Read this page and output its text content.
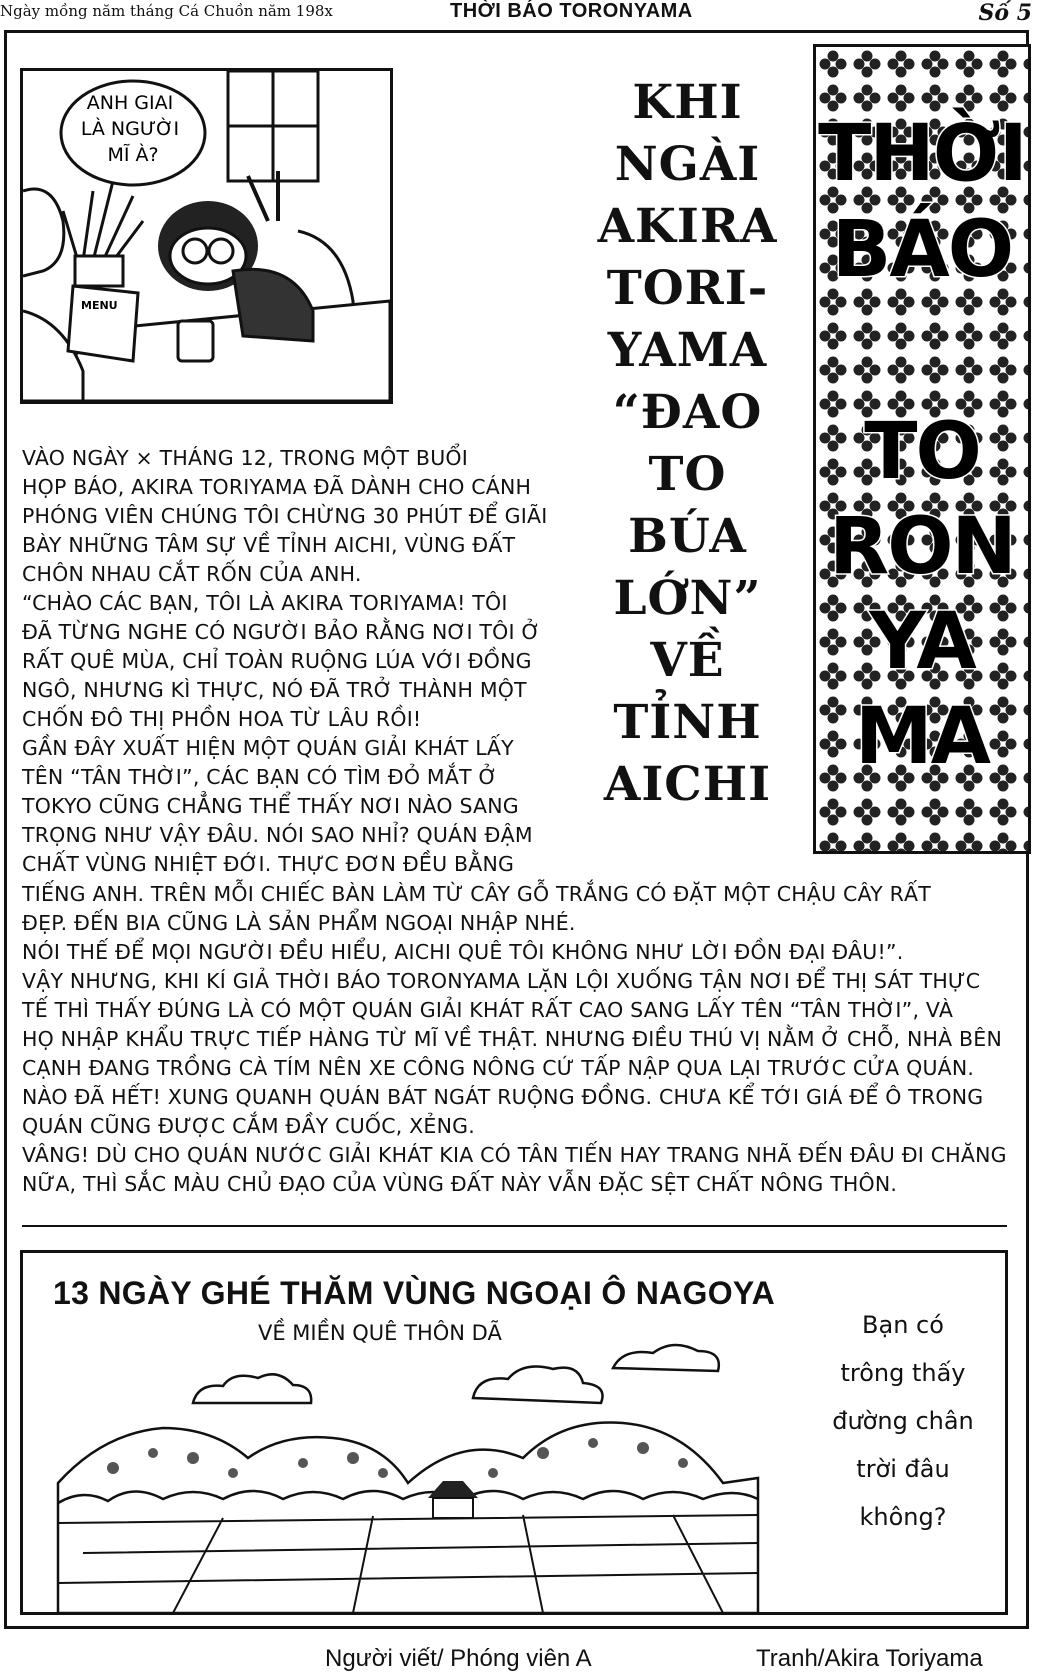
Ngày mồng năm tháng Cá Chuồn năm 198x	THỜI BÁO TORONYAMA	Số 5
MENU
ANH GIAI LÀ NGƯỜI MĨ À?
KHI
NGÀI
AKIRA
TORI-
YAMA
“ĐAO
TO
BÚA
LỚN”
VỀ
TỈNH
AICHI
THỜI
BÁO
TO
RON
YA
MA

VÀO NGÀY × THÁNG 12, TRONG MỘT BUỔI

HỌP BÁO, AKIRA TORIYAMA ĐÃ DÀNH CHO CÁNH

PHÓNG VIÊN CHÚNG TÔI CHỪNG 30 PHÚT ĐỂ GIÃI

BÀY NHỮNG TÂM SỰ VỀ TỈNH AICHI, VÙNG ĐẤT

CHÔN NHAU CẮT RỐN CỦA ANH.

“CHÀO CÁC BẠN, TÔI LÀ AKIRA TORIYAMA! TÔI

ĐÃ TỪNG NGHE CÓ NGƯỜI BẢO RẰNG NƠI TÔI Ở

RẤT QUÊ MÙA, CHỈ TOÀN RUỘNG LÚA VỚI ĐỒNG

NGÔ, NHƯNG KÌ THỰC, NÓ ĐÃ TRỞ THÀNH MỘT

CHỐN ĐÔ THỊ PHỒN HOA TỪ LÂU RỒI!

GẦN ĐÂY XUẤT HIỆN MỘT QUÁN GIẢI KHÁT LẤY

TÊN “TÂN THỜI”, CÁC BẠN CÓ TÌM ĐỎ MẮT Ở

TOKYO CŨNG CHẲNG THỂ THẤY NƠI NÀO SANG

TRỌNG NHƯ VẬY ĐÂU. NÓI SAO NHỈ? QUÁN ĐẬM

CHẤT VÙNG NHIỆT ĐỚI. THỰC ĐƠN ĐỀU BẰNG

TIẾNG ANH. TRÊN MỖI CHIẾC BÀN LÀM TỪ CÂY GỖ TRẮNG CÓ ĐẶT MỘT CHẬU CÂY RẤT

ĐẸP. ĐẾN BIA CŨNG LÀ SẢN PHẨM NGOẠI NHẬP NHÉ.

NÓI THẾ ĐỂ MỌI NGƯỜI ĐỀU HIỂU, AICHI QUÊ TÔI KHÔNG NHƯ LỜI ĐỒN ĐẠI ĐÂU!”.

VẬY NHƯNG, KHI KÍ GIẢ THỜI BÁO TORONYAMA LẶN LỘI XUỐNG TẬN NƠI ĐỂ THỊ SÁT THỰC

TẾ THÌ THẤY ĐÚNG LÀ CÓ MỘT QUÁN GIẢI KHÁT RẤT CAO SANG LẤY TÊN “TÂN THỜI”, VÀ

HỌ NHẬP KHẨU TRỰC TIẾP HÀNG TỪ MĨ VỀ THẬT. NHƯNG ĐIỀU THÚ VỊ NẰM Ở CHỖ, NHÀ BÊN

CẠNH ĐANG TRỒNG CÀ TÍM NÊN XE CÔNG NÔNG CỨ TẤP NẬP QUA LẠI TRƯỚC CỬA QUÁN.

NÀO ĐÃ HẾT! XUNG QUANH QUÁN BÁT NGÁT RUỘNG ĐỒNG. CHƯA KỂ TỚI GIÁ ĐỂ Ô TRONG

QUÁN CŨNG ĐƯỢC CẮM ĐẦY CUỐC, XẺNG.

VÂNG! DÙ CHO QUÁN NƯỚC GIẢI KHÁT KIA CÓ TÂN TIẾN HAY TRANG NHÃ ĐẾN ĐÂU ĐI CHĂNG

NỮA, THÌ SẮC MÀU CHỦ ĐẠO CỦA VÙNG ĐẤT NÀY VẪN ĐẶC SỆT CHẤT NÔNG THÔN.

13 NGÀY GHÉ THĂM VÙNG NGOẠI Ô NAGOYA
VỀ MIỀN QUÊ THÔN DÃ	Bạn có
trông thấy
đường chân
trời đâu
không?
Người viết/ Phóng viên A	Tranh/Akira Toriyama
